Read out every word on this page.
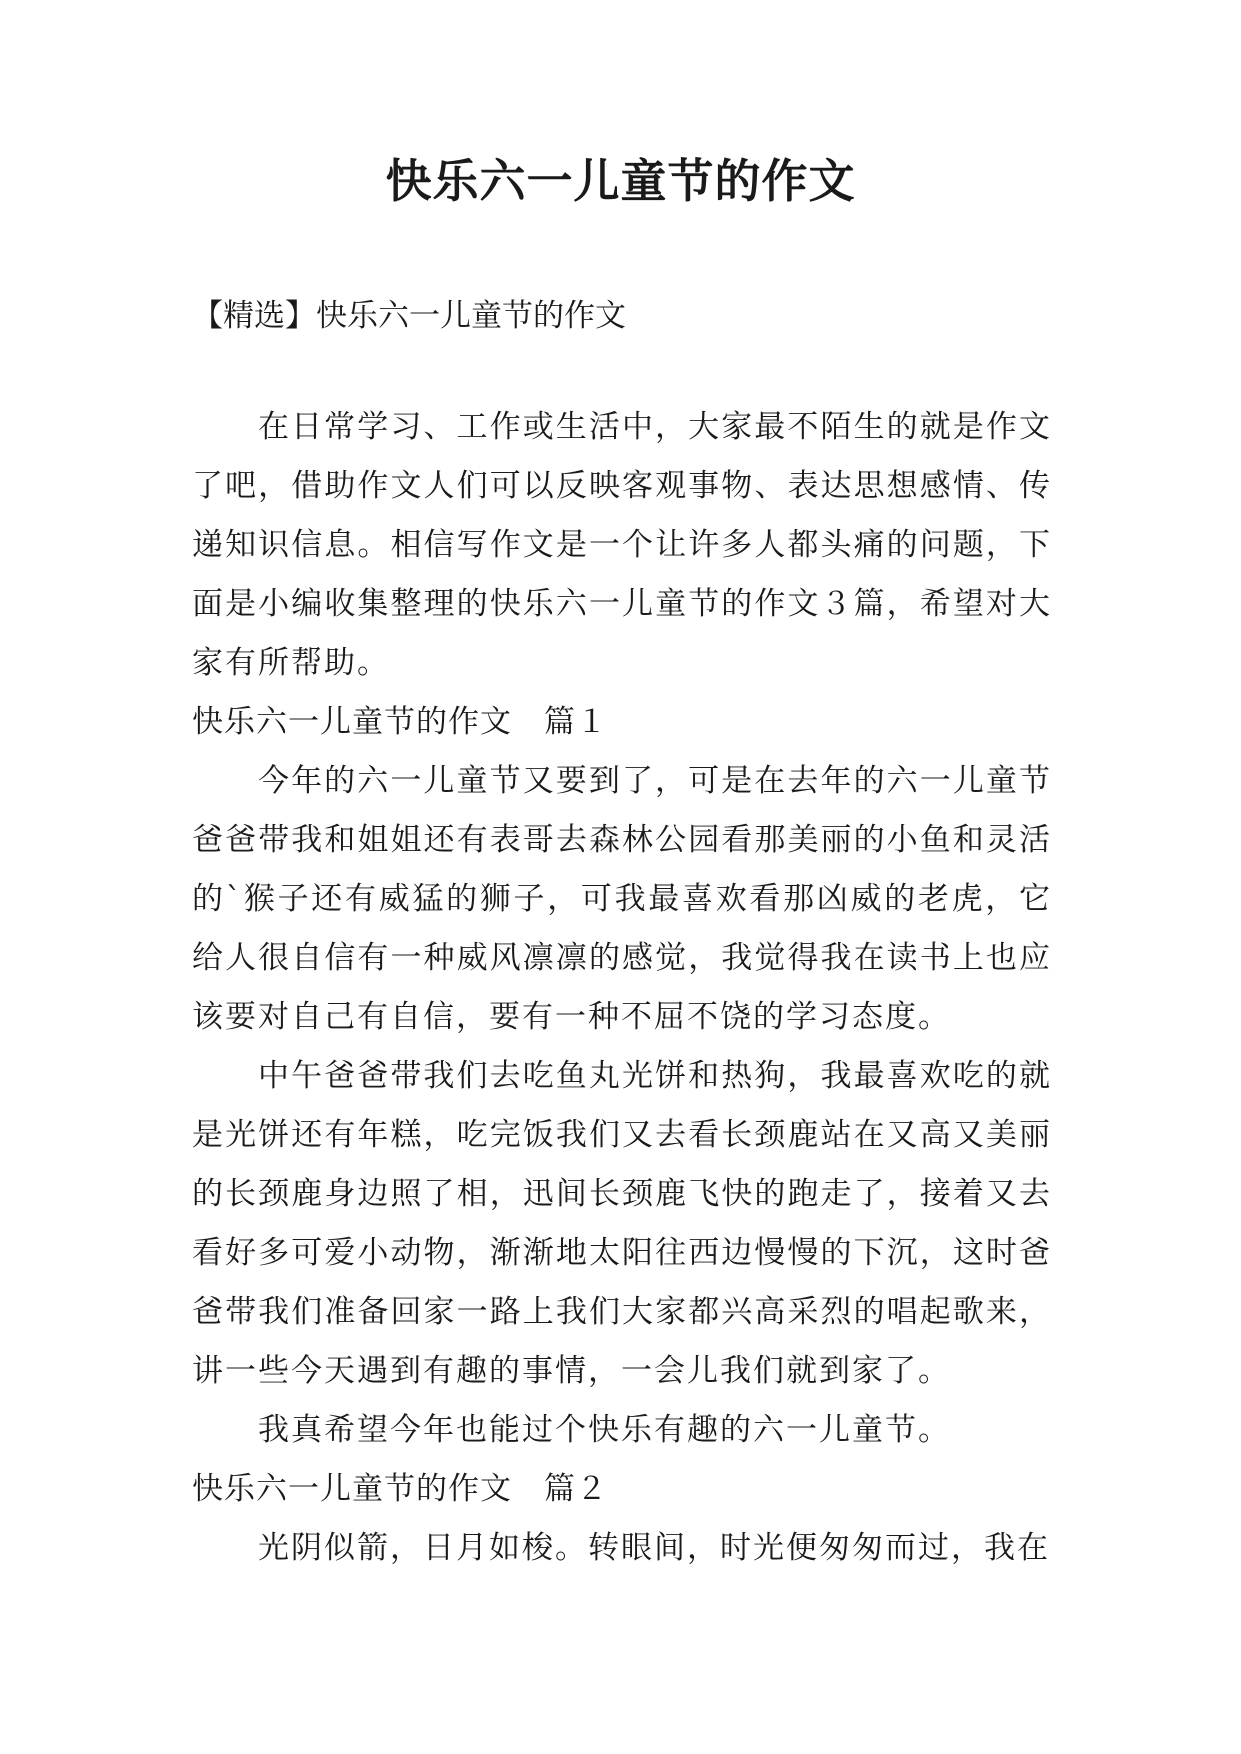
快乐六一儿童节的作文

【精选】快乐六一儿童节的作文

在日常学习、工作或生活中，大家最不陌生的就是作文了吧，借助作文人们可以反映客观事物、表达思想感情、传递知识信息。相信写作文是一个让许多人都头痛的问题，下面是小编收集整理的快乐六一儿童节的作文３篇，希望对大家有所帮助。

快乐六一儿童节的作文　篇１

今年的六一儿童节又要到了，可是在去年的六一儿童节爸爸带我和姐姐还有表哥去森林公园看那美丽的小鱼和灵活的`猴子还有威猛的狮子，可我最喜欢看那凶威的老虎，它给人很自信有一种威风凛凛的感觉，我觉得我在读书上也应该要对自己有自信，要有一种不屈不饶的学习态度。

中午爸爸带我们去吃鱼丸光饼和热狗，我最喜欢吃的就是光饼还有年糕，吃完饭我们又去看长颈鹿站在又高又美丽的长颈鹿身边照了相，迅间长颈鹿飞快的跑走了，接着又去看好多可爱小动物，渐渐地太阳往西边慢慢的下沉，这时爸爸带我们准备回家一路上我们大家都兴高采烈的唱起歌来，讲一些今天遇到有趣的事情，一会儿我们就到家了。

我真希望今年也能过个快乐有趣的六一儿童节。

快乐六一儿童节的作文　篇２

光阴似箭，日月如梭。转眼间，时光便匆匆而过，我在
